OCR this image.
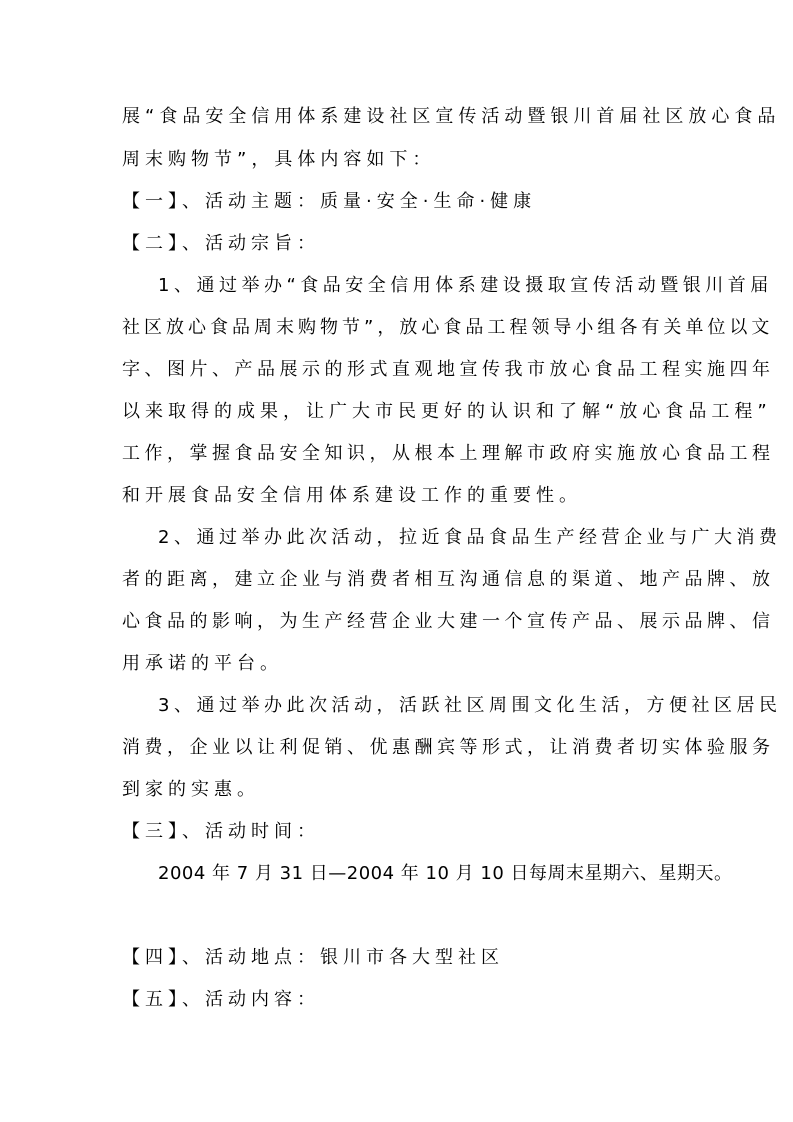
展“食品安全信用体系建设社区宣传活动暨银川首届社区放心食品
周末购物节”，具体内容如下：
【一】、活动主题：质量·安全·生命·健康
【二】、活动宗旨：
1、通过举办“食品安全信用体系建设摄取宣传活动暨银川首届
社区放心食品周末购物节”，放心食品工程领导小组各有关单位以文
字、图片、产品展示的形式直观地宣传我市放心食品工程实施四年
以来取得的成果，让广大市民更好的认识和了解“放心食品工程”
工作，掌握食品安全知识，从根本上理解市政府实施放心食品工程
和开展食品安全信用体系建设工作的重要性。
2、通过举办此次活动，拉近食品食品生产经营企业与广大消费
者的距离，建立企业与消费者相互沟通信息的渠道、地产品牌、放
心食品的影响，为生产经营企业大建一个宣传产品、展示品牌、信
用承诺的平台。
3、通过举办此次活动，活跃社区周围文化生活，方便社区居民
消费，企业以让利促销、优惠酬宾等形式，让消费者切实体验服务
到家的实惠。
【三】、活动时间：
2004 年 7 月 31 日—2004 年 10 月 10 日每周末星期六、星期天。
【四】、活动地点：银川市各大型社区
【五】、活动内容：
